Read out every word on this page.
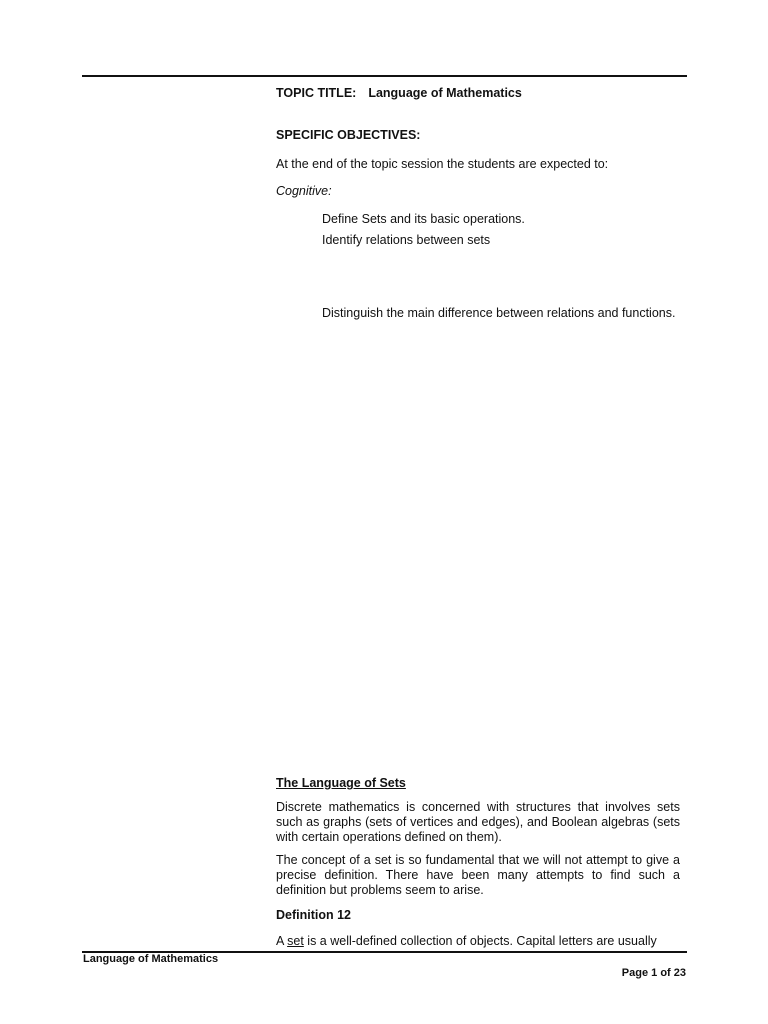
TOPIC TITLE: Language of Mathematics
SPECIFIC OBJECTIVES:
At the end of the topic session the students are expected to:
Cognitive:
Define Sets and its basic operations.
Identify relations between sets
Distinguish the main difference between relations and functions.
The Language of Sets
Discrete mathematics is concerned with structures that involves sets such as graphs (sets of vertices and edges), and Boolean algebras (sets with certain operations defined on them).
The concept of a set is so fundamental that we will not attempt to give a precise definition. There have been many attempts to find such a definition but problems seem to arise.
Definition 12
A set is a well-defined collection of objects. Capital letters are usually
Language of Mathematics
Page 1 of 23
